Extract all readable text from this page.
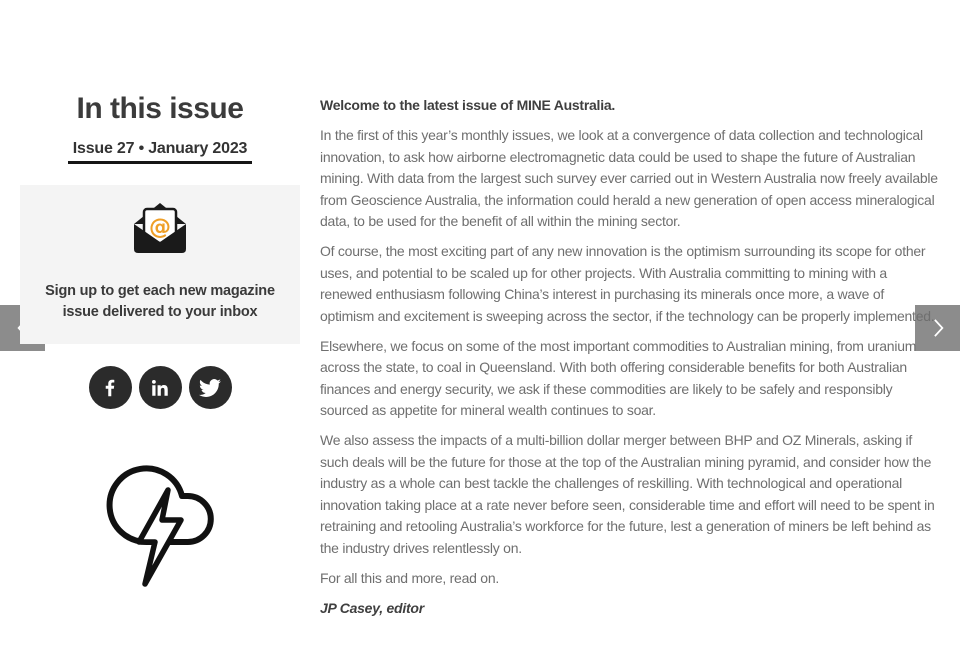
In this issue
Issue 27 • January 2023
@

Sign up to get each new magazine
issue delivered to your inbox

Welcome to the latest issue of MINE Australia.

In the first of this year’s monthly issues, we look at a convergence of data collection and technological innovation, to ask how airborne electromagnetic data could be used to shape the future of Australian mining. With data from the largest such survey ever carried out in Western Australia now freely available from Geoscience Australia, the information could herald a new generation of open access mineralogical data, to be used for the benefit of all within the mining sector.

Of course, the most exciting part of any new innovation is the optimism surrounding its scope for other uses, and potential to be scaled up for other projects. With Australia committing to mining with a renewed enthusiasm following China’s interest in purchasing its minerals once more, a wave of optimism and excitement is sweeping across the sector, if the technology can be properly implemented.

Elsewhere, we focus on some of the most important commodities to Australian mining, from uranium across the state, to coal in Queensland. With both offering considerable benefits for both Australian finances and energy security, we ask if these commodities are likely to be safely and responsibly sourced as appetite for mineral wealth continues to soar.

We also assess the impacts of a multi-billion dollar merger between BHP and OZ Minerals, asking if such deals will be the future for those at the top of the Australian mining pyramid, and consider how the industry as a whole can best tackle the challenges of reskilling. With technological and operational innovation taking place at a rate never before seen, considerable time and effort will need to be spent in retraining and retooling Australia’s workforce for the future, lest a generation of miners be left behind as the industry drives relentlessly on.

For all this and more, read on.

JP Casey, editor
